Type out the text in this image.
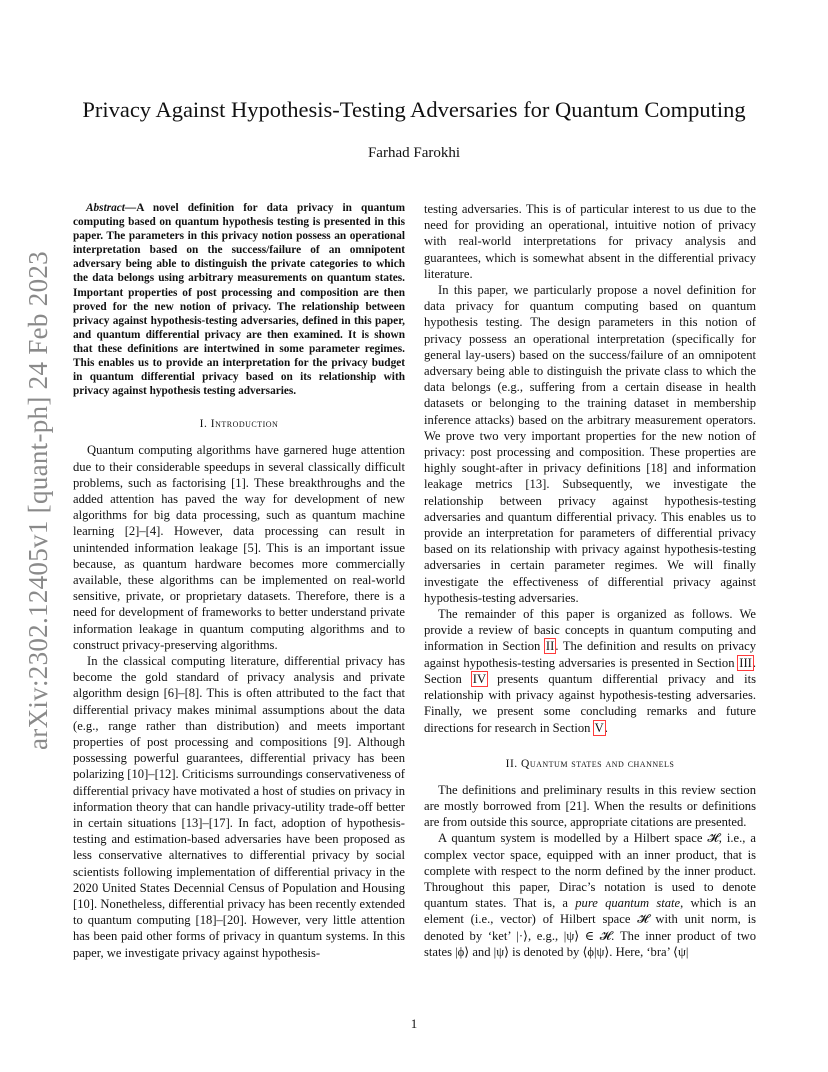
arXiv:2302.12405v1 [quant-ph] 24 Feb 2023
Privacy Against Hypothesis-Testing Adversaries for Quantum Computing
Farhad Farokhi

Abstract—A novel definition for data privacy in quantum computing based on quantum hypothesis testing is presented in this paper. The parameters in this privacy notion possess an operational interpretation based on the success/failure of an omnipotent adversary being able to distinguish the private categories to which the data belongs using arbitrary measurements on quantum states. Important properties of post processing and composition are then proved for the new notion of privacy. The relationship between privacy against hypothesis-testing adversaries, defined in this paper, and quantum differential privacy are then examined. It is shown that these definitions are intertwined in some parameter regimes. This enables us to provide an interpretation for the privacy budget in quantum differential privacy based on its relationship with privacy against hypothesis testing adversaries.

I. Introduction

Quantum computing algorithms have garnered huge attention due to their considerable speedups in several classically difficult problems, such as factorising [1]. These breakthroughs and the added attention has paved the way for development of new algorithms for big data processing, such as quantum machine learning [2]–[4]. However, data processing can result in unintended information leakage [5]. This is an important issue because, as quantum hardware becomes more commercially available, these algorithms can be implemented on real-world sensitive, private, or proprietary datasets. Therefore, there is a need for development of frameworks to better understand private information leakage in quantum computing algorithms and to construct privacy-preserving algorithms.

In the classical computing literature, differential privacy has become the gold standard of privacy analysis and private algorithm design [6]–[8]. This is often attributed to the fact that differential privacy makes minimal assumptions about the data (e.g., range rather than distribution) and meets important properties of post processing and compositions [9]. Although possessing powerful guarantees, differential privacy has been polarizing [10]–[12]. Criticisms surroundings conservativeness of differential privacy have motivated a host of studies on privacy in information theory that can handle privacy-utility trade-off better in certain situations [13]–[17]. In fact, adoption of hypothesis-testing and estimation-based adversaries have been proposed as less conservative alternatives to differential privacy by social scientists following implementation of differential privacy in the 2020 United States Decennial Census of Population and Housing [10]. Nonetheless, differential privacy has been recently extended to quantum computing [18]–[20]. However, very little attention has been paid other forms of privacy in quantum systems. In this paper, we investigate privacy against hypothesis-

testing adversaries. This is of particular interest to us due to the need for providing an operational, intuitive notion of privacy with real-world interpretations for privacy analysis and guarantees, which is somewhat absent in the differential privacy literature.

In this paper, we particularly propose a novel definition for data privacy for quantum computing based on quantum hypothesis testing. The design parameters in this notion of privacy possess an operational interpretation (specifically for general lay-users) based on the success/failure of an omnipotent adversary being able to distinguish the private class to which the data belongs (e.g., suffering from a certain disease in health datasets or belonging to the training dataset in membership inference attacks) based on the arbitrary measurement operators. We prove two very important properties for the new notion of privacy: post processing and composition. These properties are highly sought-after in privacy definitions [18] and information leakage metrics [13]. Subsequently, we investigate the relationship between privacy against hypothesis-testing adversaries and quantum differential privacy. This enables us to provide an interpretation for parameters of differential privacy based on its relationship with privacy against hypothesis-testing adversaries in certain parameter regimes. We will finally investigate the effectiveness of differential privacy against hypothesis-testing adversaries.

The remainder of this paper is organized as follows. We provide a review of basic concepts in quantum computing and information in Section II. The definition and results on privacy against hypothesis-testing adversaries is presented in Section III. Section IV presents quantum differential privacy and its relationship with privacy against hypothesis-testing adversaries. Finally, we present some concluding remarks and future directions for research in Section V.

II. Quantum states and channels

The definitions and preliminary results in this review section are mostly borrowed from [21]. When the results or definitions are from outside this source, appropriate citations are presented.

A quantum system is modelled by a Hilbert space 𝓗, i.e., a complex vector space, equipped with an inner product, that is complete with respect to the norm defined by the inner product. Throughout this paper, Dirac’s notation is used to denote quantum states. That is, a pure quantum state, which is an element (i.e., vector) of Hilbert space 𝓗 with unit norm, is denoted by ‘ket’ |·⟩, e.g., |ψ⟩ ∈ 𝓗. The inner product of two states |ϕ⟩ and |ψ⟩ is denoted by ⟨ϕ|ψ⟩. Here, ‘bra’ ⟨ψ|

1
